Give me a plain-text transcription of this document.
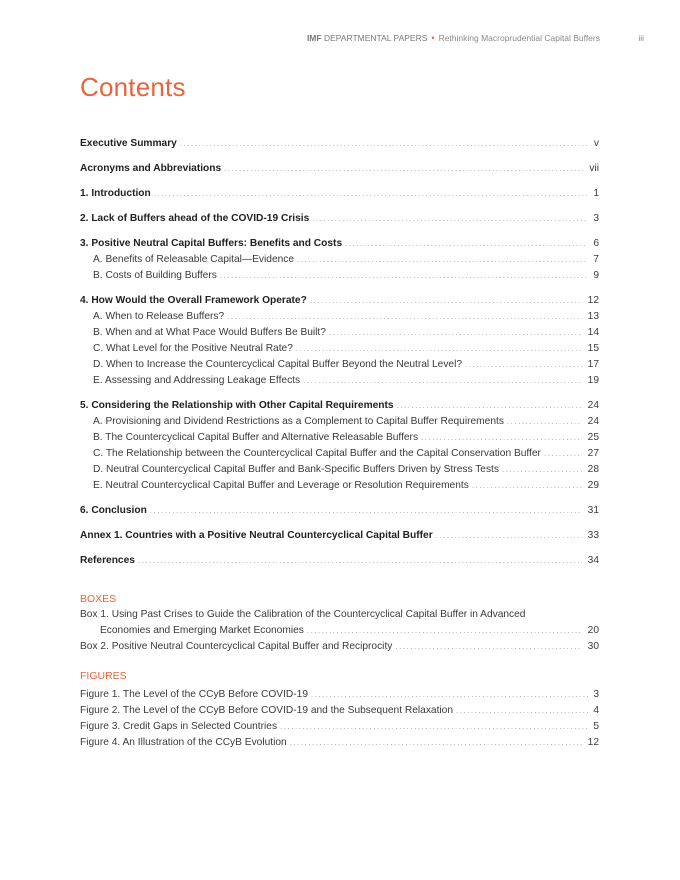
IMF DEPARTMENTAL PAPERS • Rethinking Macroprudential Capital Buffers	iii
Contents
Executive Summary .....	v
Acronyms and Abbreviations .....	vii
1. Introduction .....	1
2. Lack of Buffers ahead of the COVID-19 Crisis .....	3
3. Positive Neutral Capital Buffers: Benefits and Costs .....	6
A. Benefits of Releasable Capital—Evidence .....	7
B. Costs of Building Buffers .....	9
4. How Would the Overall Framework Operate? .....	12
A. When to Release Buffers? .....	13
B. When and at What Pace Would Buffers Be Built? .....	14
C. What Level for the Positive Neutral Rate? .....	15
D. When to Increase the Countercyclical Capital Buffer Beyond the Neutral Level? .....	17
E. Assessing and Addressing Leakage Effects .....	19
5. Considering the Relationship with Other Capital Requirements .....	24
A. Provisioning and Dividend Restrictions as a Complement to Capital Buffer Requirements .....	24
B. The Countercyclical Capital Buffer and Alternative Releasable Buffers .....	25
C. The Relationship between the Countercyclical Capital Buffer and the Capital Conservation Buffer .....	27
D. Neutral Countercyclical Capital Buffer and Bank-Specific Buffers Driven by Stress Tests .....	28
E. Neutral Countercyclical Capital Buffer and Leverage or Resolution Requirements .....	29
6. Conclusion .....	31
Annex 1. Countries with a Positive Neutral Countercyclical Capital Buffer .....	33
References .....	34
BOXES
Box 1. Using Past Crises to Guide the Calibration of the Countercyclical Capital Buffer in Advanced
Economies and Emerging Market Economies .....	20
Box 2. Positive Neutral Countercyclical Capital Buffer and Reciprocity .....	30
FIGURES
Figure 1. The Level of the CCyB Before COVID-19 .....	3
Figure 2. The Level of the CCyB Before COVID-19 and the Subsequent Relaxation .....	4
Figure 3. Credit Gaps in Selected Countries .....	5
Figure 4. An Illustration of the CCyB Evolution .....	12
